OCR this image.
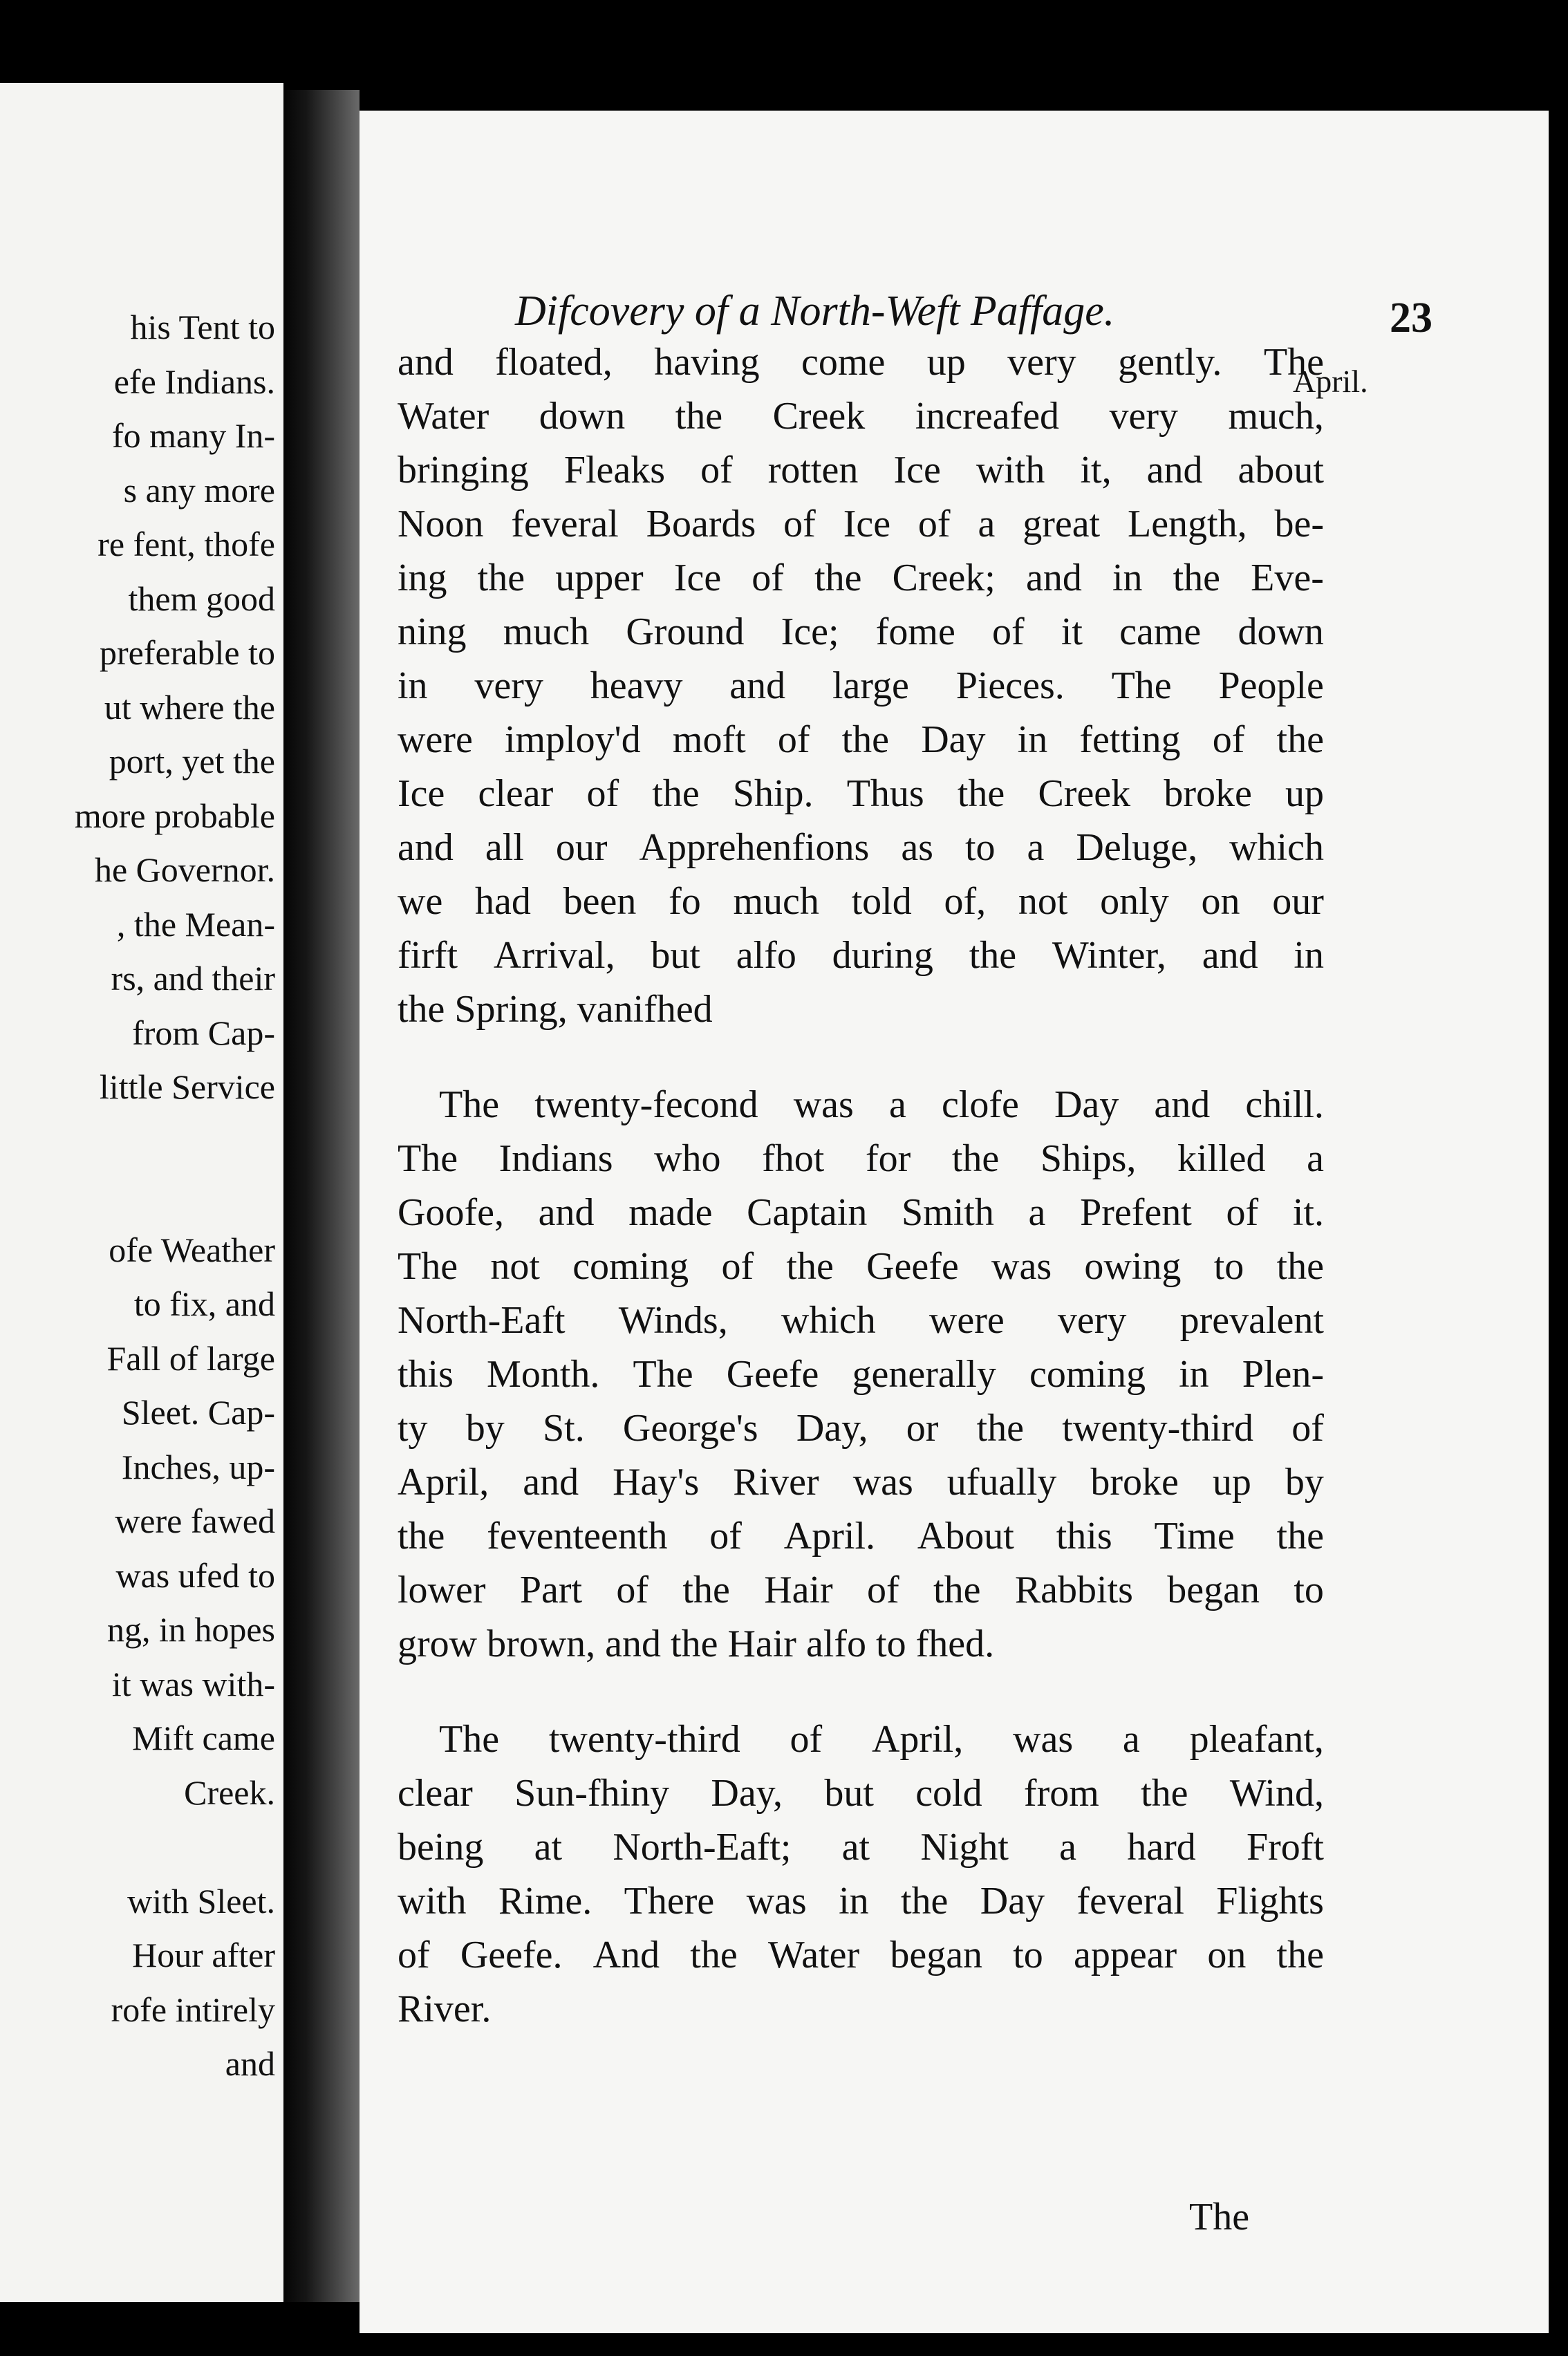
his Tent to
efe Indians.
fo many In-
s any more
re fent, thofe
them good
preferable to
ut where the
port, yet the
more probable
he Governor.
, the Mean-
rs, and their
from Cap-
little Service
ofe Weather
to fix, and
Fall of large
Sleet. Cap-
Inches, up-
were fawed
was ufed to
ng, in hopes
it was with-
Mift came
Creek.
with Sleet.
Hour after
rofe intirely
and
Difcovery of a North-Weft Paffage.	23
April.
and floated, having come up very gently. The
Water down the Creek increafed very much,
bringing Fleaks of rotten Ice with it, and about
Noon feveral Boards of Ice of a great Length, be-
ing the upper Ice of the Creek; and in the Eve-
ning much Ground Ice; fome of it came down
in very heavy and large Pieces. The People
were imploy'd moft of the Day in fetting of the
Ice clear of the Ship. Thus the Creek broke up
and all our Apprehenfions as to a Deluge, which
we had been fo much told of, not only on our
firft Arrival, but alfo during the Winter, and in
the Spring, vanifhed
The twenty-fecond was a clofe Day and chill.
The Indians who fhot for the Ships, killed a
Goofe, and made Captain Smith a Prefent of it.
The not coming of the Geefe was owing to the
North-Eaft Winds, which were very prevalent
this Month. The Geefe generally coming in Plen-
ty by St. George's Day, or the twenty-third of
April, and Hay's River was ufually broke up by
the feventeenth of April. About this Time the
lower Part of the Hair of the Rabbits began to
grow brown, and the Hair alfo to fhed.
The twenty-third of April, was a pleafant,
clear Sun-fhiny Day, but cold from the Wind,
being at North-Eaft; at Night a hard Froft
with Rime. There was in the Day feveral Flights
of Geefe. And the Water began to appear on the
River.
The
